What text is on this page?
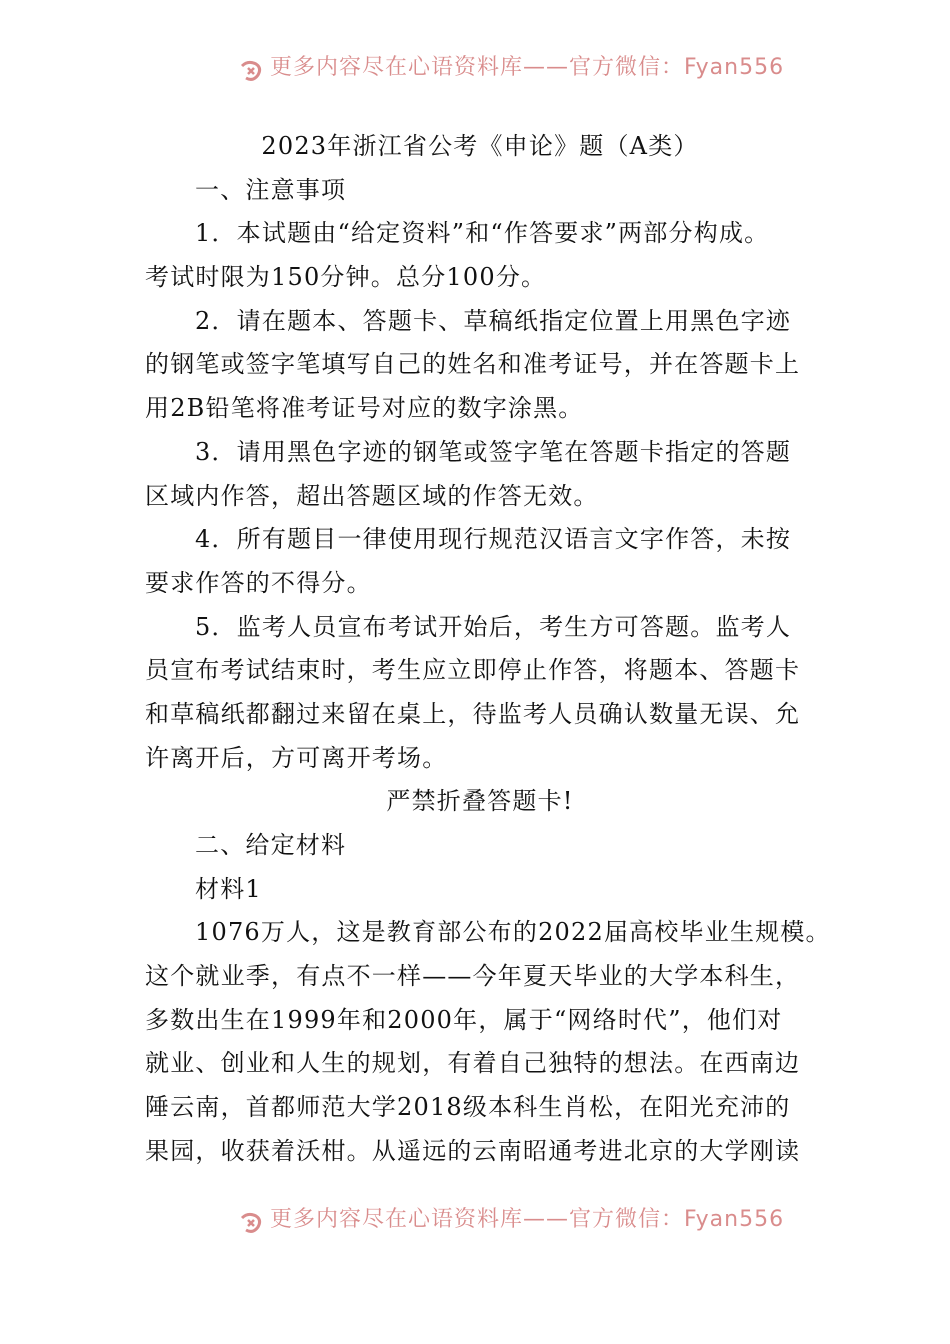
更多内容尽在心语资料库——官方微信：Fyan556
2023年浙江省公考《申论》题（A类）
一、注意事项
1．本试题由“给定资料”和“作答要求”两部分构成。
考试时限为150分钟。总分100分。
2．请在题本、答题卡、草稿纸指定位置上用黑色字迹
的钢笔或签字笔填写自己的姓名和准考证号，并在答题卡上
用2B铅笔将准考证号对应的数字涂黑。
3．请用黑色字迹的钢笔或签字笔在答题卡指定的答题
区域内作答，超出答题区域的作答无效。
4．所有题目一律使用现行规范汉语言文字作答，未按
要求作答的不得分。
5．监考人员宣布考试开始后，考生方可答题。监考人
员宣布考试结束时，考生应立即停止作答，将题本、答题卡
和草稿纸都翻过来留在桌上，待监考人员确认数量无误、允
许离开后，方可离开考场。
严禁折叠答题卡!
二、给定材料
材料1
1076万人，这是教育部公布的2022届高校毕业生规模。
这个就业季，有点不一样——今年夏天毕业的大学本科生，
多数出生在1999年和2000年，属于“网络时代”，他们对
就业、创业和人生的规划，有着自己独特的想法。在西南边
陲云南，首都师范大学2018级本科生肖松，在阳光充沛的
果园，收获着沃柑。从遥远的云南昭通考进北京的大学刚读
更多内容尽在心语资料库——官方微信：Fyan556
